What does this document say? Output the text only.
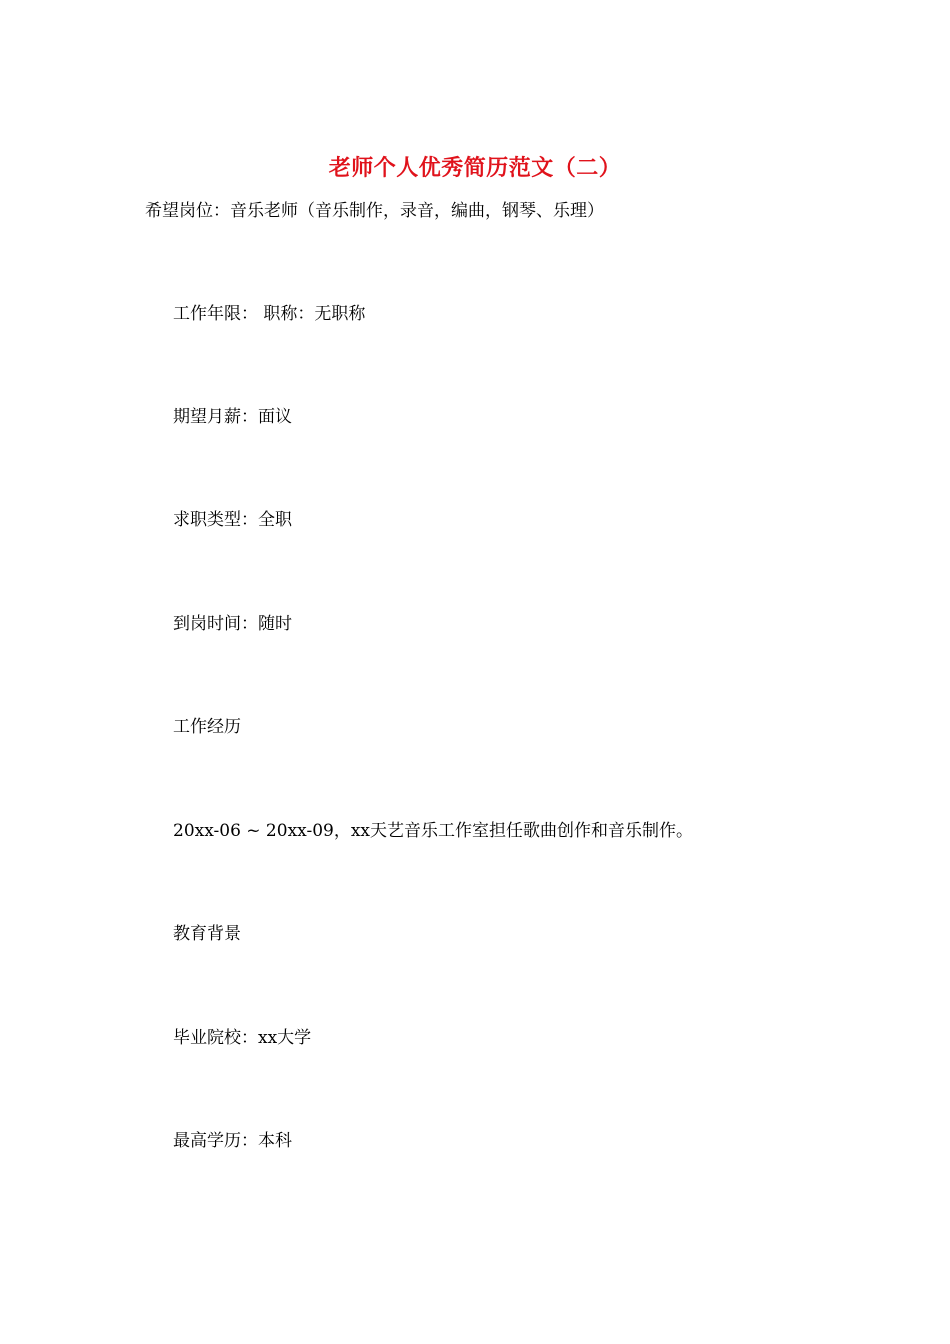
老师个人优秀简历范文（二）
希望岗位：音乐老师（音乐制作，录音，编曲，钢琴、乐理）
工作年限： 职称：无职称
期望月薪：面议
求职类型：全职
到岗时间：随时
工作经历
20xx-06 ~ 20xx-09，xx天艺音乐工作室担任歌曲创作和音乐制作。
教育背景
毕业院校：xx大学
最高学历：本科
